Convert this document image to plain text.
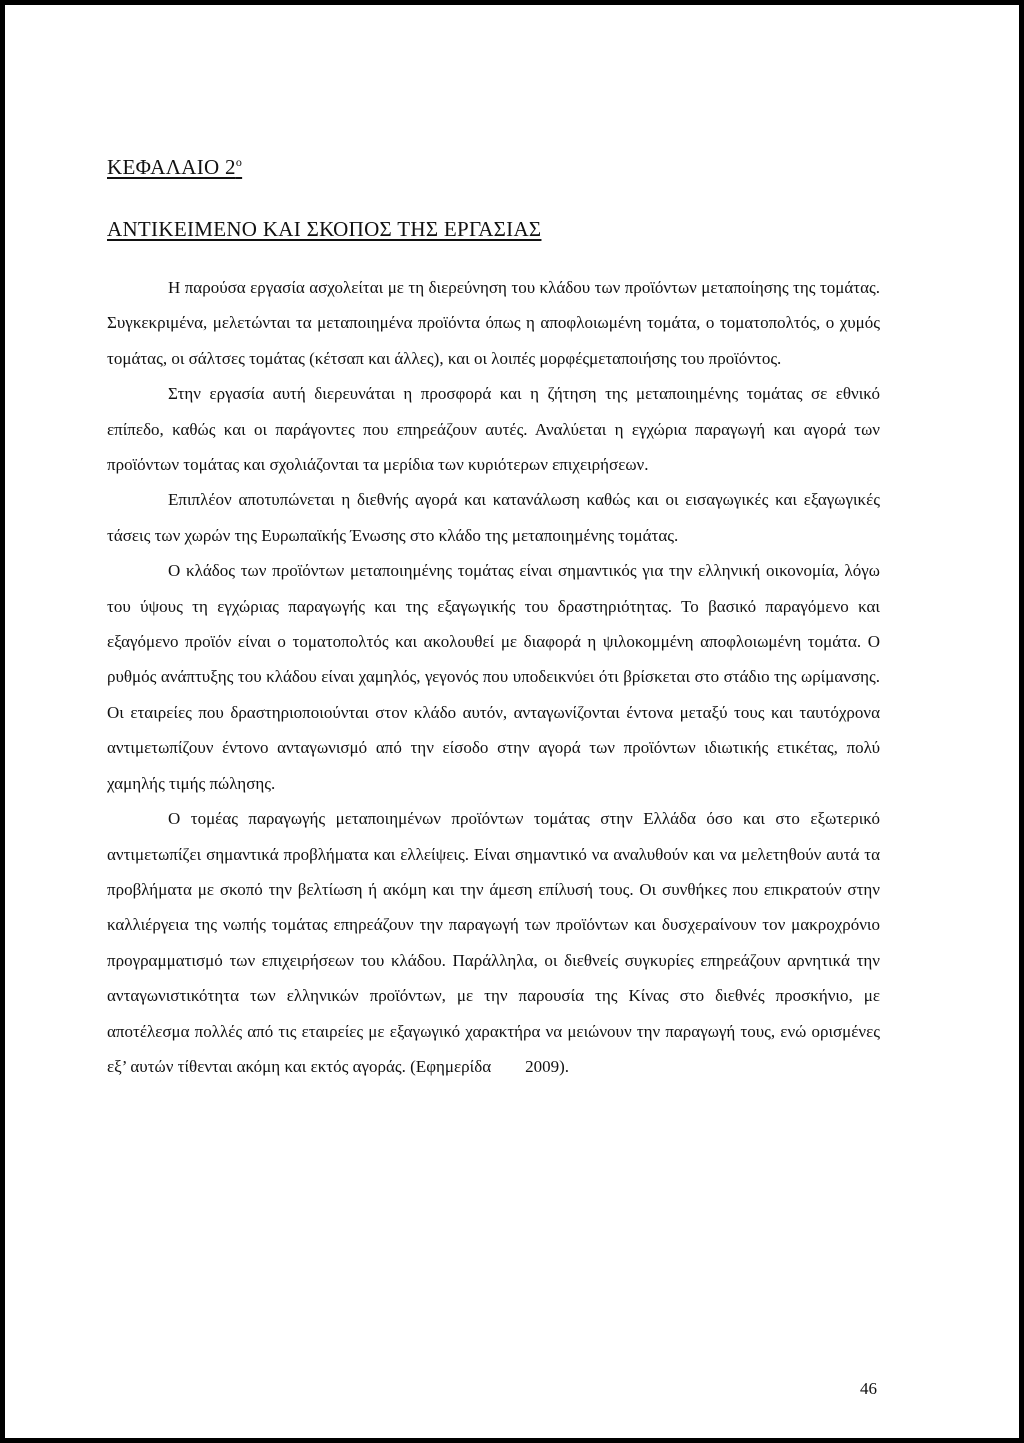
ΚΕΦΑΛΑΙΟ $2^o$
ΑΝΤΙΚΕΙΜΕΝΟ ΚΑΙ ΣΚΟΠΟΣ ΤΗΣ ΕΡΓΑΣΙΑΣ

Η παρούσα εργασία ασχολείται με τη διερεύνηση του κλάδου των προϊόντων μεταποίησης της τομάτας. Συγκεκριμένα, μελετώνται τα μεταποιημένα προϊόντα όπως η αποφλοιωμένη τομάτα, ο τοματοπολτός, ο χυμός τομάτας, οι σάλτσες τομάτας (κέτσαπ και άλλες), και οι λοιπές μορφέςμεταποιήσης του προϊόντος.

Στην εργασία αυτή διερευνάται η προσφορά και η ζήτηση της μεταποιημένης τομάτας σε εθνικό επίπεδο, καθώς και οι παράγοντες που επηρεάζουν αυτές. Αναλύεται η εγχώρια παραγωγή και αγορά των προϊόντων τομάτας και σχολιάζονται τα μερίδια των κυριότερων επιχειρήσεων.

Επιπλέον αποτυπώνεται η διεθνής αγορά και κατανάλωση καθώς και οι εισαγωγικές και εξαγωγικές τάσεις των χωρών της Ευρωπαϊκής Ένωσης στο κλάδο της μεταποιημένης τομάτας.

Ο κλάδος των προϊόντων μεταποιημένης τομάτας είναι σημαντικός για την ελληνική οικονομία, λόγω του ύψους τη εγχώριας παραγωγής και της εξαγωγικής του δραστηριότητας. Το βασικό παραγόμενο και εξαγόμενο προϊόν είναι ο τοματοπολτός και ακολουθεί με διαφορά η ψιλοκομμένη αποφλοιωμένη τομάτα. Ο ρυθμός ανάπτυξης του κλάδου είναι χαμηλός, γεγονός που υποδεικνύει ότι βρίσκεται στο στάδιο της ωρίμανσης. Οι εταιρείες που δραστηριοποιούνται στον κλάδο αυτόν, ανταγωνίζονται έντονα μεταξύ τους και ταυτόχρονα αντιμετωπίζουν έντονο ανταγωνισμό από την είσοδο στην αγορά των προϊόντων ιδιωτικής ετικέτας, πολύ χαμηλής τιμής πώλησης.

Ο τομέας παραγωγής μεταποιημένων προϊόντων τομάτας στην Ελλάδα όσο και στο εξωτερικό αντιμετωπίζει σημαντικά προβλήματα και ελλείψεις. Είναι σημαντικό να αναλυθούν και να μελετηθούν αυτά τα προβλήματα με σκοπό την βελτίωση ή ακόμη και την άμεση επίλυσή τους. Οι συνθήκες που επικρατούν στην καλλιέργεια της νωπής τομάτας επηρεάζουν την παραγωγή των προϊόντων και δυσχεραίνουν τον μακροχρόνιο προγραμματισμό των επιχειρήσεων του κλάδου. Παράλληλα, οι διεθνείς συγκυρίες επηρεάζουν αρνητικά την ανταγωνιστικότητα των ελληνικών προϊόντων, με την παρουσία της Κίνας στο διεθνές προσκήνιο, με αποτέλεσμα πολλές από τις εταιρείες με εξαγωγικό χαρακτήρα να μειώνουν την παραγωγή τους, ενώ ορισμένες εξ’ αυτών τίθενται ακόμη και εκτός αγοράς. (Εφημερίδα        2009).

46
